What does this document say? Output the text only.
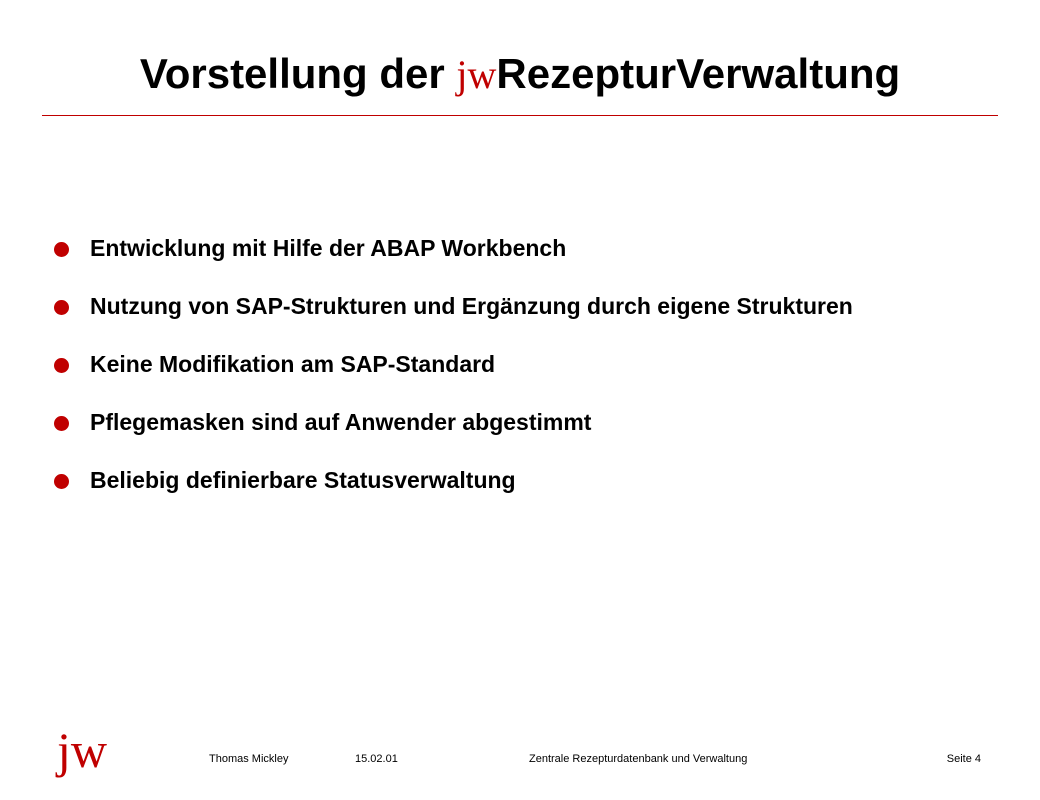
Vorstellung der jwRezepturVerwaltung
Entwicklung mit Hilfe der ABAP Workbench
Nutzung von SAP-Strukturen und Ergänzung durch eigene Strukturen
Keine Modifikation am SAP-Standard
Pflegemasken sind auf Anwender abgestimmt
Beliebig definierbare Statusverwaltung
jw	Thomas Mickley	15.02.01	Zentrale Rezepturdatenbank und Verwaltung	Seite 4
